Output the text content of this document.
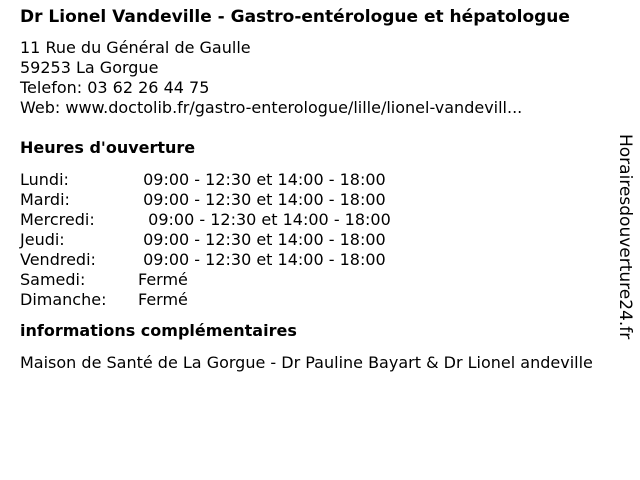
Dr Lionel Vandeville - Gastro-entérologue et hépatologue
11 Rue du Général de Gaulle
59253 La Gorgue
Telefon: 03 62 26 44 75
Web: www.doctolib.fr/gastro-enterologue/lille/lionel-vandevill...
Heures d'ouverture
Lundi:	09:00 - 12:30 et 14:00 - 18:00
Mardi:	09:00 - 12:30 et 14:00 - 18:00
Mercredi:	09:00 - 12:30 et 14:00 - 18:00
Jeudi:	09:00 - 12:30 et 14:00 - 18:00
Vendredi:	09:00 - 12:30 et 14:00 - 18:00
Samedi:	Fermé
Dimanche:	Fermé
informations complémentaires
Maison de Santé de La Gorgue - Dr Pauline Bayart & Dr Lionel andeville
Horairesdouverture24.fr
